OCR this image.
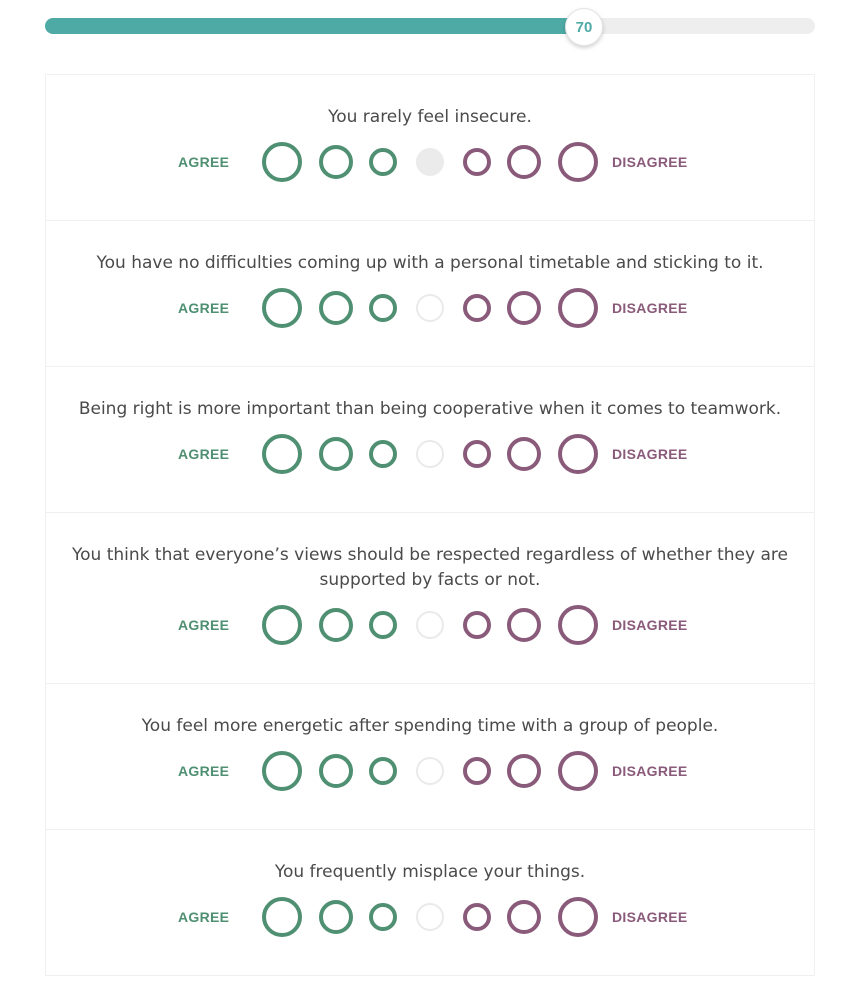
70

You rarely feel insecure.

AGREE	DISAGREE

You have no difficulties coming up with a personal timetable and sticking to it.

AGREE	DISAGREE

Being right is more important than being cooperative when it comes to teamwork.

AGREE	DISAGREE

You think that everyone’s views should be respected regardless of whether they are supported by facts or not.

AGREE	DISAGREE

You feel more energetic after spending time with a group of people.

AGREE	DISAGREE

You frequently misplace your things.

AGREE	DISAGREE
